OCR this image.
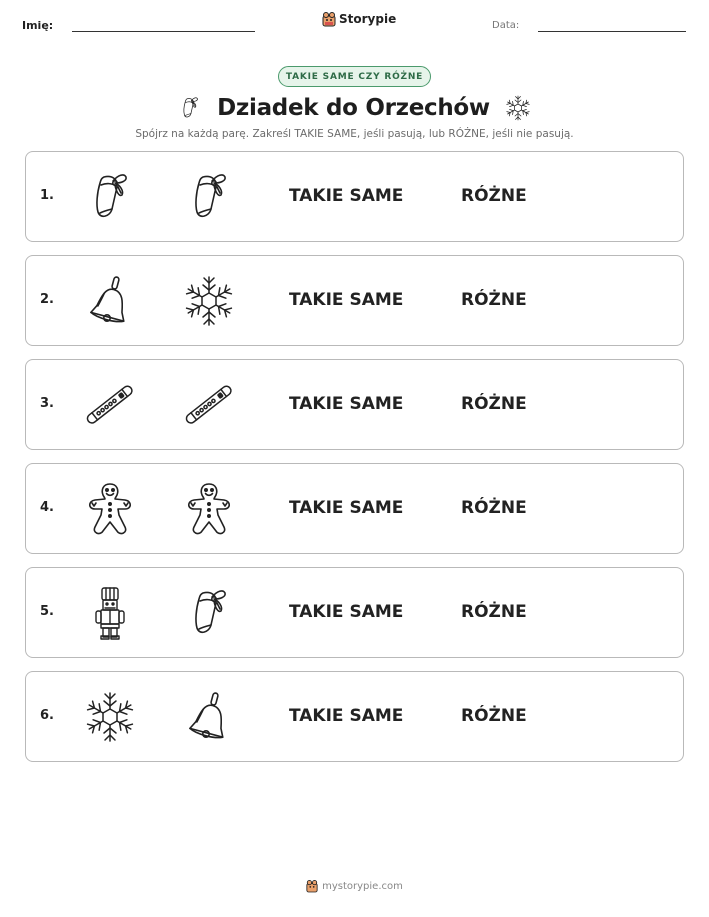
Imię:	Storypie	Data:
TAKIE SAME CZY RÓŻNE
Dziadek do Orzechów
Spójrz na każdą parę. Zakreśl TAKIE SAME, jeśli pasują, lub RÓŻNE, jeśli nie pasują.
1.	TAKIE SAME	RÓŻNE
2.	TAKIE SAME	RÓŻNE
3.	TAKIE SAME	RÓŻNE
4.	TAKIE SAME	RÓŻNE
5.	TAKIE SAME	RÓŻNE
6.	TAKIE SAME	RÓŻNE
mystorypie.com
